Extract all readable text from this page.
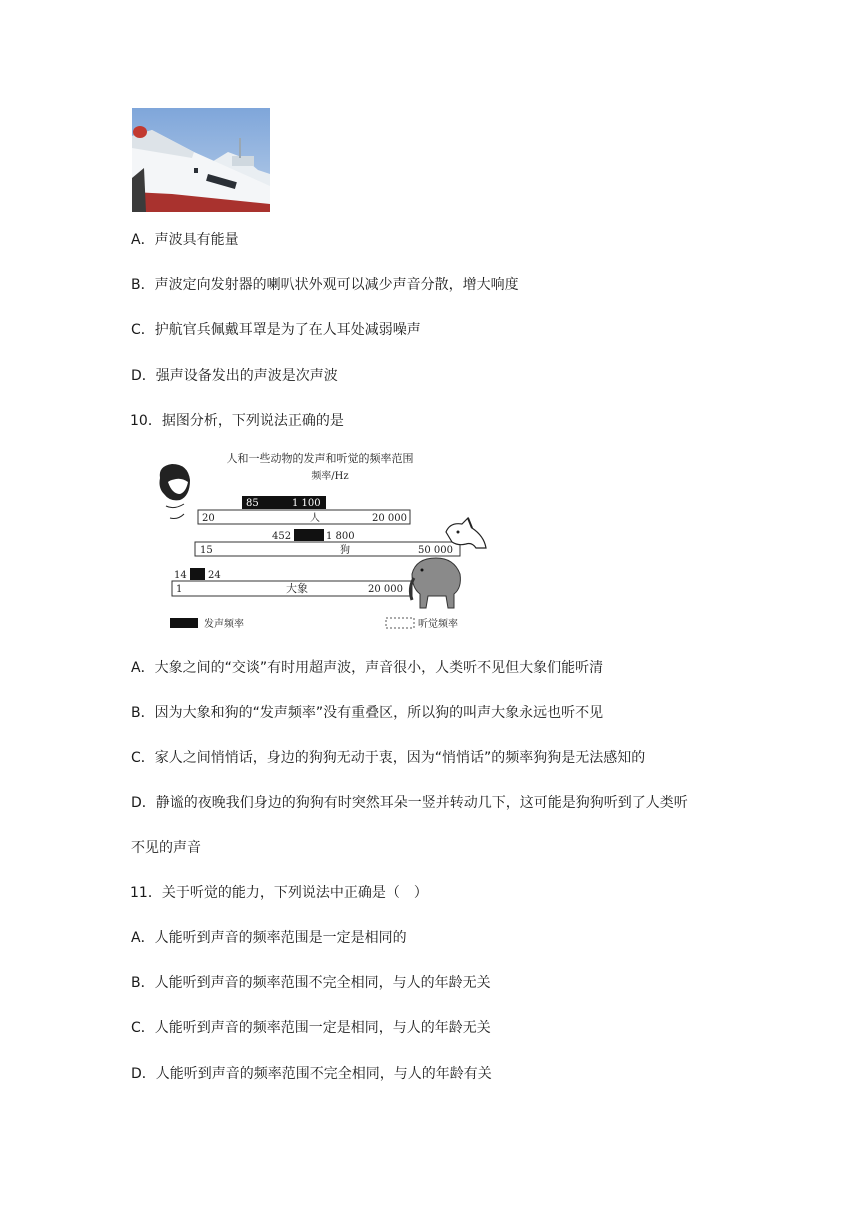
A．声波具有能量
B．声波定向发射器的喇叭状外观可以减少声音分散，增大响度
C．护航官兵佩戴耳罩是为了在人耳处减弱噪声
D．强声设备发出的声波是次声波
10．据图分析，下列说法正确的是
人和一些动物的发声和听觉的频率范围
频率/Hz
85	1 100
20	人	20 000
452	1 800
15	狗	50 000
14 24
1	大象	20 000
发声频率	听觉频率
A．大象之间的“交谈”有时用超声波，声音很小，人类听不见但大象们能听清
B．因为大象和狗的“发声频率”没有重叠区，所以狗的叫声大象永远也听不见
C．家人之间悄悄话，身边的狗狗无动于衷，因为“悄悄话”的频率狗狗是无法感知的
D．静谧的夜晚我们身边的狗狗有时突然耳朵一竖并转动几下，这可能是狗狗听到了人类听
不见的声音
11．关于听觉的能力，下列说法中正确是（　）
A．人能听到声音的频率范围是一定是相同的
B．人能听到声音的频率范围不完全相同，与人的年龄无关
C．人能听到声音的频率范围一定是相同，与人的年龄无关
D．人能听到声音的频率范围不完全相同，与人的年龄有关
